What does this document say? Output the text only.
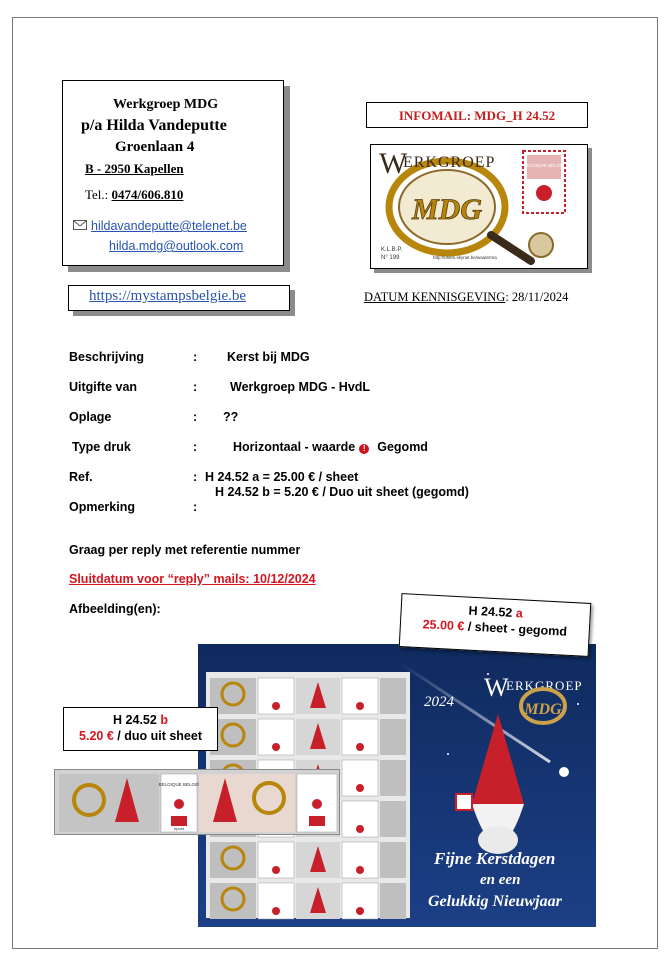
Werkgroep MDG
p/a Hilda Vandeputte
Groenlaan 4
B - 2950 Kapellen
Tel.: 0474/606.810
hildavandeputte@telenet.be
hilda.mdg@outlook.com
https://mystampsbelgie.be
INFOMAIL: MDG_H 24.52
W
ERKGROEP
MDG
BELGIQUE BELGIË
K.L.B.P.
N° 199	http://users.skynet.be/wauterma
DATUM KENNISGEVING: 28/11/2024
Beschrijving	: Kerst bij MDG
Uitgifte van	:	Werkgroep MDG - HvdL
Oplage	: ??
Type druk	:	Horizontaal - waarde ! Gegomd
Ref.	: H 24.52 a = 25.00 € / sheet
H 24.52 b = 5.20 € / Duo uit sheet (gegomd)
Opmerking	:
Graag per reply met referentie nummer
Sluitdatum voor “reply” mails: 10/12/2024
Afbeelding(en):
2024 W
ERKGROEP
MDG
Fijne Kerstdagen
en een
Gelukkig Nieuwjaar
H 24.52 a
25.00 € / sheet - gegomd
H 24.52 b
5.20 € / duo uit sheet
BELGIQUE BELGIË
bpost
